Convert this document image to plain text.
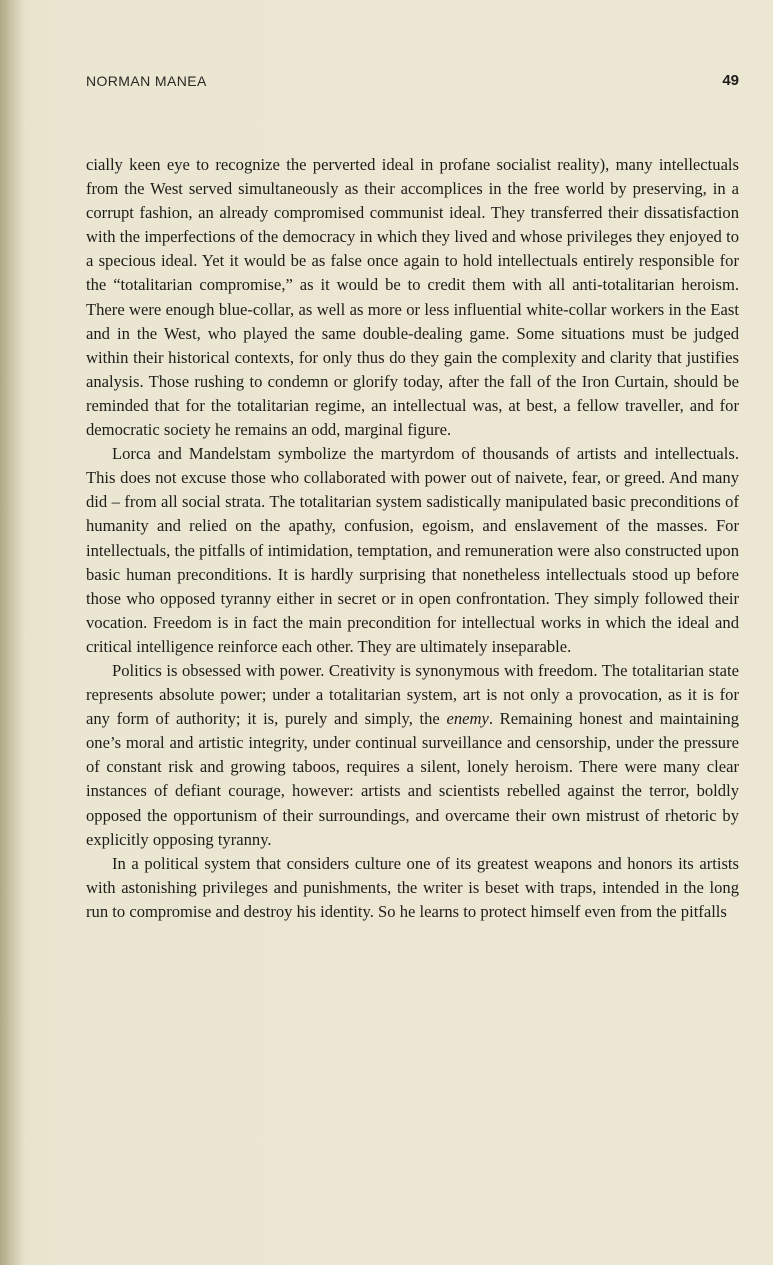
NORMAN MANEA	49

cially keen eye to recognize the perverted ideal in profane socialist reality), many intellectuals from the West served simultaneously as their accomplices in the free world by preserving, in a corrupt fashion, an already compromised communist ideal. They transferred their dissatisfaction with the imperfections of the democracy in which they lived and whose privileges they enjoyed to a specious ideal. Yet it would be as false once again to hold intellectuals entirely responsible for the “totalitarian compromise,” as it would be to credit them with all anti-totalitarian heroism. There were enough blue-collar, as well as more or less influential white-collar workers in the East and in the West, who played the same double-dealing game. Some situations must be judged within their historical contexts, for only thus do they gain the complexity and clarity that justifies analysis. Those rushing to condemn or glorify today, after the fall of the Iron Curtain, should be reminded that for the totalitarian regime, an intellectual was, at best, a fellow traveller, and for democratic society he remains an odd, marginal figure.

Lorca and Mandelstam symbolize the martyrdom of thousands of artists and intellectuals. This does not excuse those who collaborated with power out of naivete, fear, or greed. And many did – from all social strata. The totalitarian system sadistically manipulated basic preconditions of humanity and relied on the apathy, confusion, egoism, and enslavement of the masses. For intellectuals, the pitfalls of intimidation, temptation, and remuneration were also constructed upon basic human preconditions. It is hardly surprising that nonetheless intellectuals stood up before those who opposed tyranny either in secret or in open confrontation. They simply followed their vocation. Freedom is in fact the main precondition for intellectual works in which the ideal and critical intelligence reinforce each other. They are ultimately inseparable.

Politics is obsessed with power. Creativity is synonymous with freedom. The totalitarian state represents absolute power; under a totalitarian system, art is not only a provocation, as it is for any form of authority; it is, purely and simply, the enemy. Remaining honest and maintaining one’s moral and artistic integrity, under continual surveillance and censorship, under the pressure of constant risk and growing taboos, requires a silent, lonely heroism. There were many clear instances of defiant courage, however: artists and scientists rebelled against the terror, boldly opposed the opportunism of their surroundings, and overcame their own mistrust of rhetoric by explicitly opposing tyranny.

In a political system that considers culture one of its greatest weapons and honors its artists with astonishing privileges and punishments, the writer is beset with traps, intended in the long run to compromise and destroy his identity. So he learns to protect himself even from the pitfalls
